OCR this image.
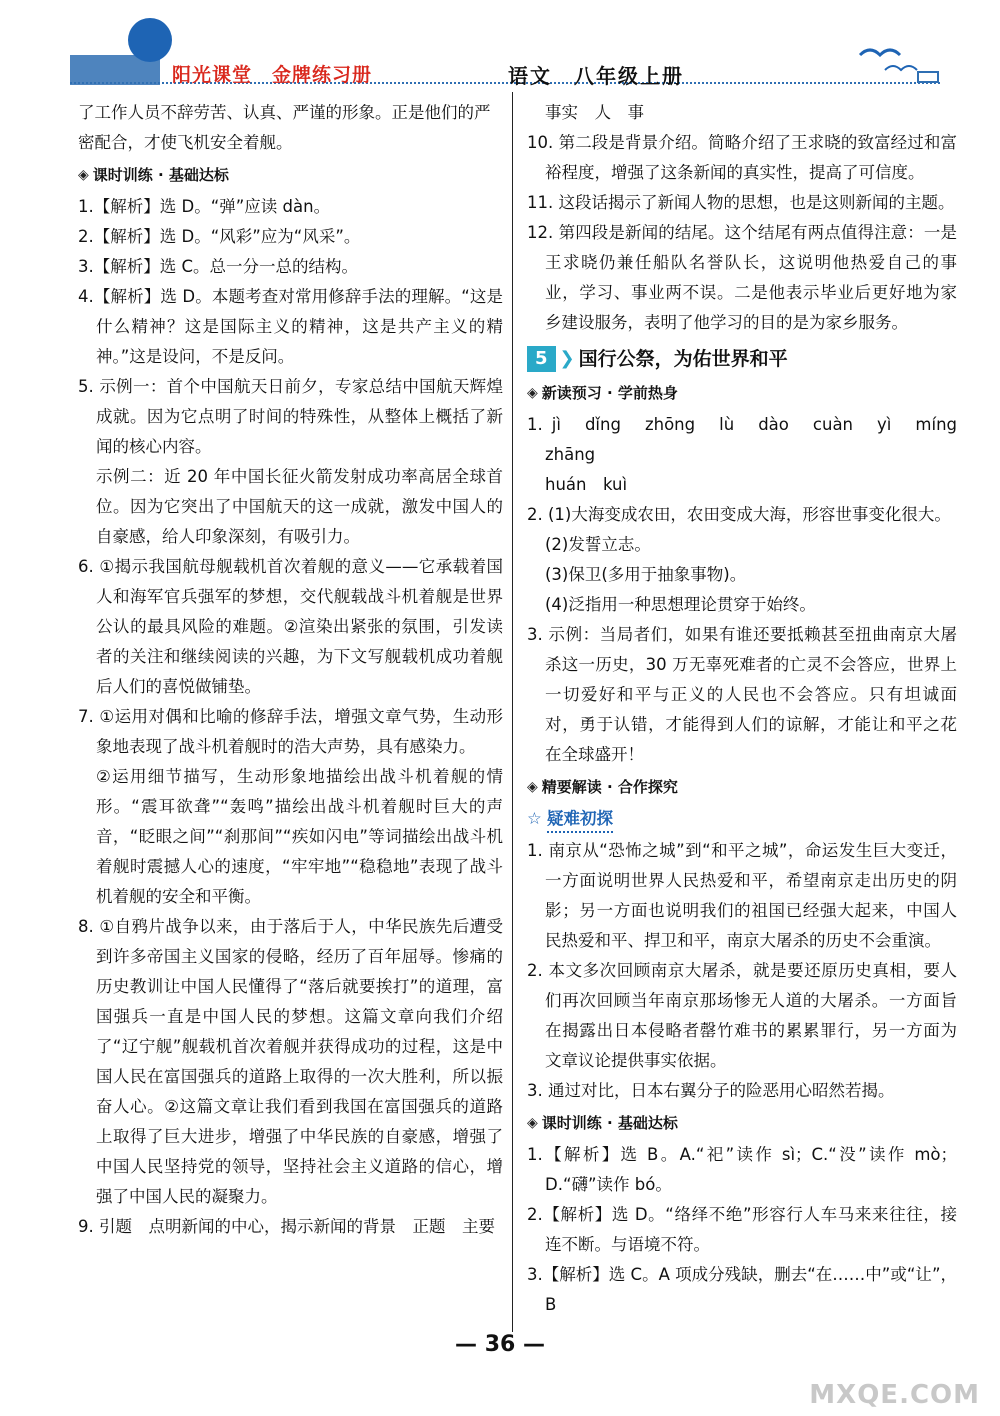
阳光课堂　 金牌练习册	语文　八年级上册

了工作人员不辞劳苦、认真、严谨的形象。正是他们的严

密配合，才使飞机安全着舰。

◈ 课时训练 · 基础达标

1.【解析】选 D。“弹”应读 dàn。

2.【解析】选 D。“风彩”应为“风采”。

3.【解析】选 C。总一分一总的结构。

4.【解析】选 D。本题考查对常用修辞手法的理解。“这是什么精神？这是国际主义的精神，这是共产主义的精神。”这是设问，不是反问。

5. 示例一：首个中国航天日前夕，专家总结中国航天辉煌成就。因为它点明了时间的特殊性，从整体上概括了新闻的核心内容。

示例二：近 20 年中国长征火箭发射成功率高居全球首位。因为它突出了中国航天的这一成就，激发中国人的自豪感，给人印象深刻，有吸引力。

6. ①揭示我国航母舰载机首次着舰的意义——它承载着国人和海军官兵强军的梦想，交代舰载战斗机着舰是世界公认的最具风险的难题。②渲染出紧张的氛围，引发读者的关注和继续阅读的兴趣，为下文写舰载机成功着舰后人们的喜悦做铺垫。

7. ①运用对偶和比喻的修辞手法，增强文章气势，生动形象地表现了战斗机着舰时的浩大声势，具有感染力。

②运用细节描写，生动形象地描绘出战斗机着舰的情形。“震耳欲聋”“轰鸣”描绘出战斗机着舰时巨大的声音，“眨眼之间”“刹那间”“疾如闪电”等词描绘出战斗机着舰时震撼人心的速度，“牢牢地”“稳稳地”表现了战斗机着舰的安全和平衡。

8. ①自鸦片战争以来，由于落后于人，中华民族先后遭受到许多帝国主义国家的侵略，经历了百年屈辱。惨痛的历史教训让中国人民懂得了“落后就要挨打”的道理，富国强兵一直是中国人民的梦想。这篇文章向我们介绍了“辽宁舰”舰载机首次着舰并获得成功的过程，这是中国人民在富国强兵的道路上取得的一次大胜利，所以振奋人心。②这篇文章让我们看到我国在富国强兵的道路上取得了巨大进步，增强了中华民族的自豪感，增强了中国人民坚持党的领导，坚持社会主义道路的信心，增强了中国人民的凝聚力。

9. 引题　点明新闻的中心，揭示新闻的背景　正题　主要

事实　人　事

10. 第二段是背景介绍。简略介绍了王求晓的致富经过和富裕程度，增强了这条新闻的真实性，提高了可信度。

11. 这段话揭示了新闻人物的思想，也是这则新闻的主题。

12. 第四段是新闻的结尾。这个结尾有两点值得注意：一是王求晓仍兼任船队名誉队长，这说明他热爱自己的事业，学习、事业两不误。二是他表示毕业后更好地为家乡建设服务，表明了他学习的目的是为家乡服务。

5 ❯ 国行公祭，为佑世界和平
◈ 新读预习 · 学前热身

1. jì　dǐng　zhōng　lù　dào　cuàn　yì　míng　zhāng

huán　kuì

2. (1)大海变成农田，农田变成大海，形容世事变化很大。

(2)发誓立志。

(3)保卫(多用于抽象事物)。

(4)泛指用一种思想理论贯穿于始终。

3. 示例：当局者们，如果有谁还要抵赖甚至扭曲南京大屠杀这一历史，30 万无辜死难者的亡灵不会答应，世界上一切爱好和平与正义的人民也不会答应。只有坦诚面对，勇于认错，才能得到人们的谅解，才能让和平之花在全球盛开！

◈ 精要解读 · 合作探究
☆ 疑难初探

1. 南京从“恐怖之城”到“和平之城”，命运发生巨大变迁，一方面说明世界人民热爱和平，希望南京走出历史的阴影；另一方面也说明我们的祖国已经强大起来，中国人民热爱和平、捍卫和平，南京大屠杀的历史不会重演。

2. 本文多次回顾南京大屠杀，就是要还原历史真相，要人们再次回顾当年南京那场惨无人道的大屠杀。一方面旨在揭露出日本侵略者罄竹难书的累累罪行，另一方面为文章议论提供事实依据。

3. 通过对比，日本右翼分子的险恶用心昭然若揭。

◈ 课时训练 · 基础达标

1.【解析】选 B。A.“祀”读作 sì；C.“没”读作 mò；D.“礴”读作 bó。

2.【解析】选 D。“络绎不绝”形容行人车马来来往往，接连不断。与语境不符。

3.【解析】选 C。A 项成分残缺，删去“在……中”或“让”，B

— 36 —
MXQE.COM
